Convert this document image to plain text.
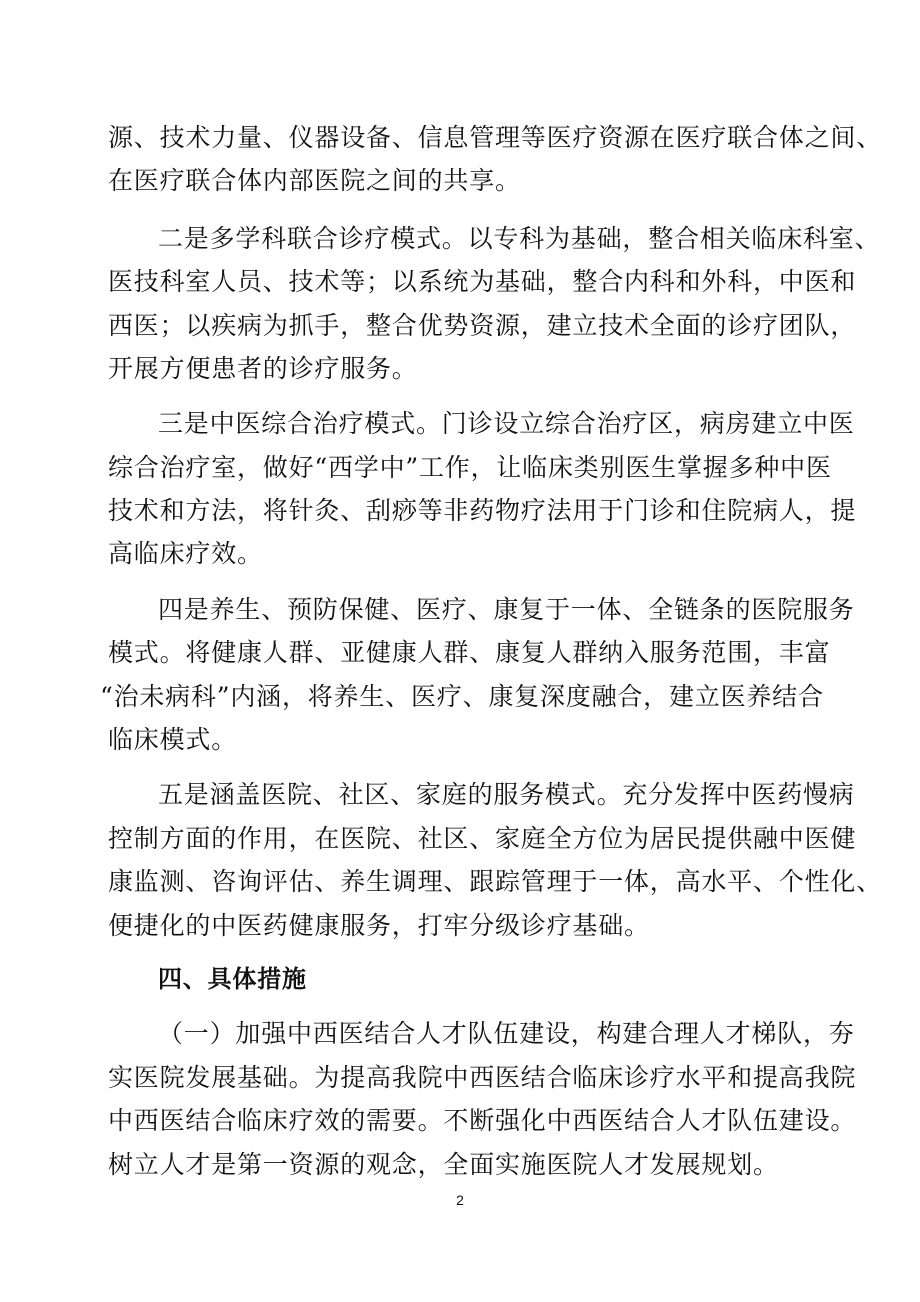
源、技术力量、仪器设备、信息管理等医疗资源在医疗联合体之间、
在医疗联合体内部医院之间的共享。
二是多学科联合诊疗模式。以专科为基础，整合相关临床科室、
医技科室人员、技术等；以系统为基础，整合内科和外科，中医和
西医；以疾病为抓手，整合优势资源，建立技术全面的诊疗团队，
开展方便患者的诊疗服务。
三是中医综合治疗模式。门诊设立综合治疗区，病房建立中医
综合治疗室，做好“西学中”工作，让临床类别医生掌握多种中医
技术和方法，将针灸、刮痧等非药物疗法用于门诊和住院病人，提
高临床疗效。
四是养生、预防保健、医疗、康复于一体、全链条的医院服务
模式。将健康人群、亚健康人群、康复人群纳入服务范围，丰富
“治未病科”内涵，将养生、医疗、康复深度融合，建立医养结合
临床模式。
五是涵盖医院、社区、家庭的服务模式。充分发挥中医药慢病
控制方面的作用，在医院、社区、家庭全方位为居民提供融中医健
康监测、咨询评估、养生调理、跟踪管理于一体，高水平、个性化、
便捷化的中医药健康服务，打牢分级诊疗基础。
四、具体措施
（一）加强中西医结合人才队伍建设，构建合理人才梯队，夯
实医院发展基础。为提高我院中西医结合临床诊疗水平和提高我院
中西医结合临床疗效的需要。不断强化中西医结合人才队伍建设。
树立人才是第一资源的观念，全面实施医院人才发展规划。
2
